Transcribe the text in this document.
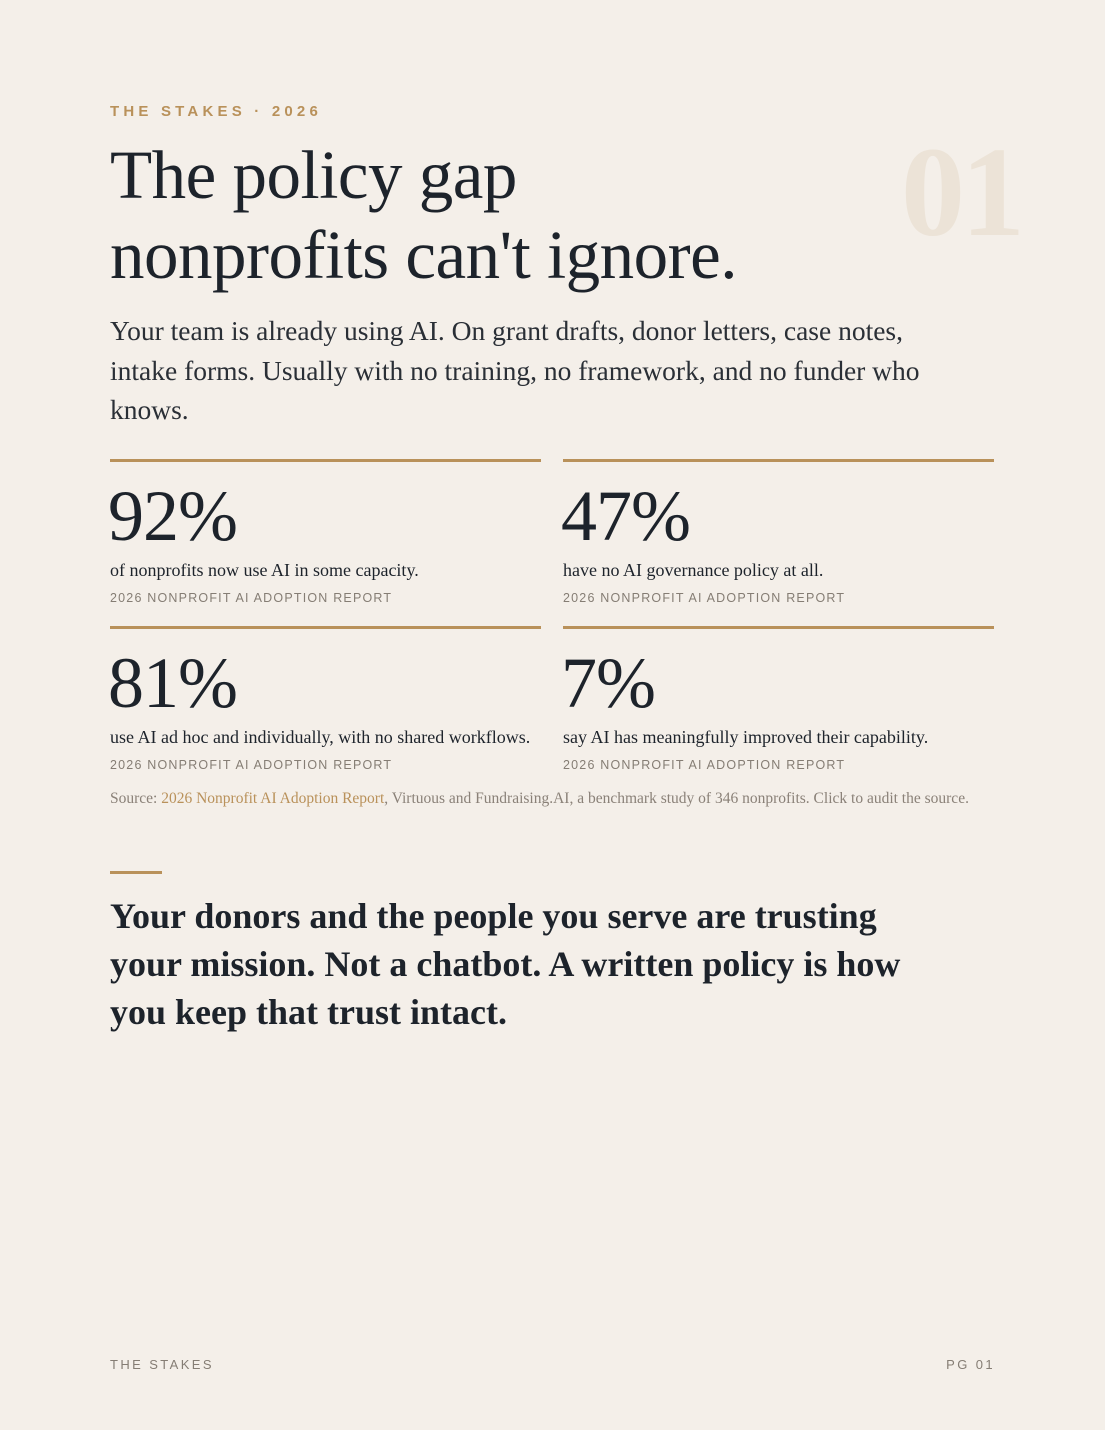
THE STAKES · 2026
01
The policy gap
nonprofits can't ignore.

Your team is already using AI. On grant drafts, donor letters, case notes, intake forms. Usually with no training, no framework, and no funder who knows.

92%
of nonprofits now use AI in some capacity.
2026 NONPROFIT AI ADOPTION REPORT
47%
have no AI governance policy at all.
2026 NONPROFIT AI ADOPTION REPORT
81%
use AI ad hoc and individually, with no shared workflows.
2026 NONPROFIT AI ADOPTION REPORT
7%
say AI has meaningfully improved their capability.
2026 NONPROFIT AI ADOPTION REPORT

Source: 2026 Nonprofit AI Adoption Report, Virtuous and Fundraising.AI, a benchmark study of 346 nonprofits. Click to audit the source.

Your donors and the people you serve are trusting your mission. Not a chatbot. A written policy is how you keep that trust intact.

THE STAKES	PG 01
